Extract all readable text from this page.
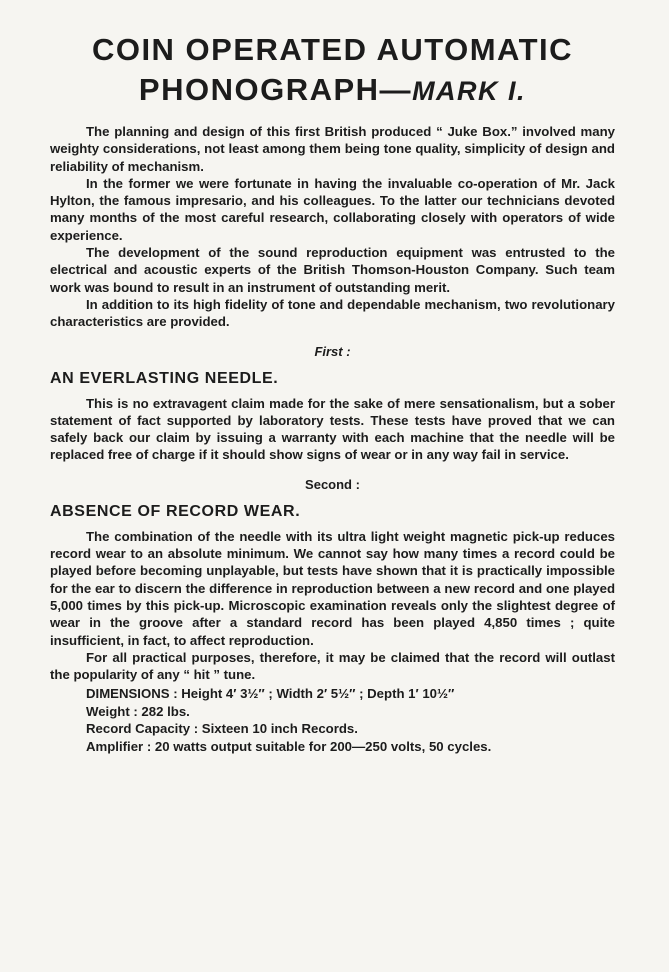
COIN OPERATED AUTOMATIC
PHONOGRAPH—MARK I.

The planning and design of this first British produced “ Juke Box.” involved many weighty considerations, not least among them being tone quality, simplicity of design and reliability of mechanism.

In the former we were fortunate in having the invaluable co-operation of Mr. Jack Hylton, the famous impresario, and his colleagues. To the latter our technicians devoted many months of the most careful research, collaborating closely with operators of wide experience.

The development of the sound reproduction equipment was entrusted to the electrical and acoustic experts of the British Thomson-Houston Company. Such team work was bound to result in an instrument of outstanding merit.

In addition to its high fidelity of tone and dependable mechanism, two revolutionary characteristics are provided.

First :
AN EVERLASTING NEEDLE.

This is no extravagent claim made for the sake of mere sensationalism, but a sober statement of fact supported by laboratory tests. These tests have proved that we can safely back our claim by issuing a warranty with each machine that the needle will be replaced free of charge if it should show signs of wear or in any way fail in service.

Second :
ABSENCE OF RECORD WEAR.

The combination of the needle with its ultra light weight magnetic pick-up reduces record wear to an absolute minimum. We cannot say how many times a record could be played before becoming unplayable, but tests have shown that it is practically impossible for the ear to discern the difference in reproduction between a new record and one played 5,000 times by this pick-up. Microscopic examination reveals only the slightest degree of wear in the groove after a standard record has been played 4,850 times ; quite insufficient, in fact, to affect reproduction.

For all practical purposes, therefore, it may be claimed that the record will outlast the popularity of any “ hit ” tune.

DIMENSIONS : Height 4′ 3½″ ; Width 2′ 5½″ ; Depth 1′ 10½″
Weight : 282 lbs.
Record Capacity : Sixteen 10 inch Records.
Amplifier : 20 watts output suitable for 200—250 volts, 50 cycles.
